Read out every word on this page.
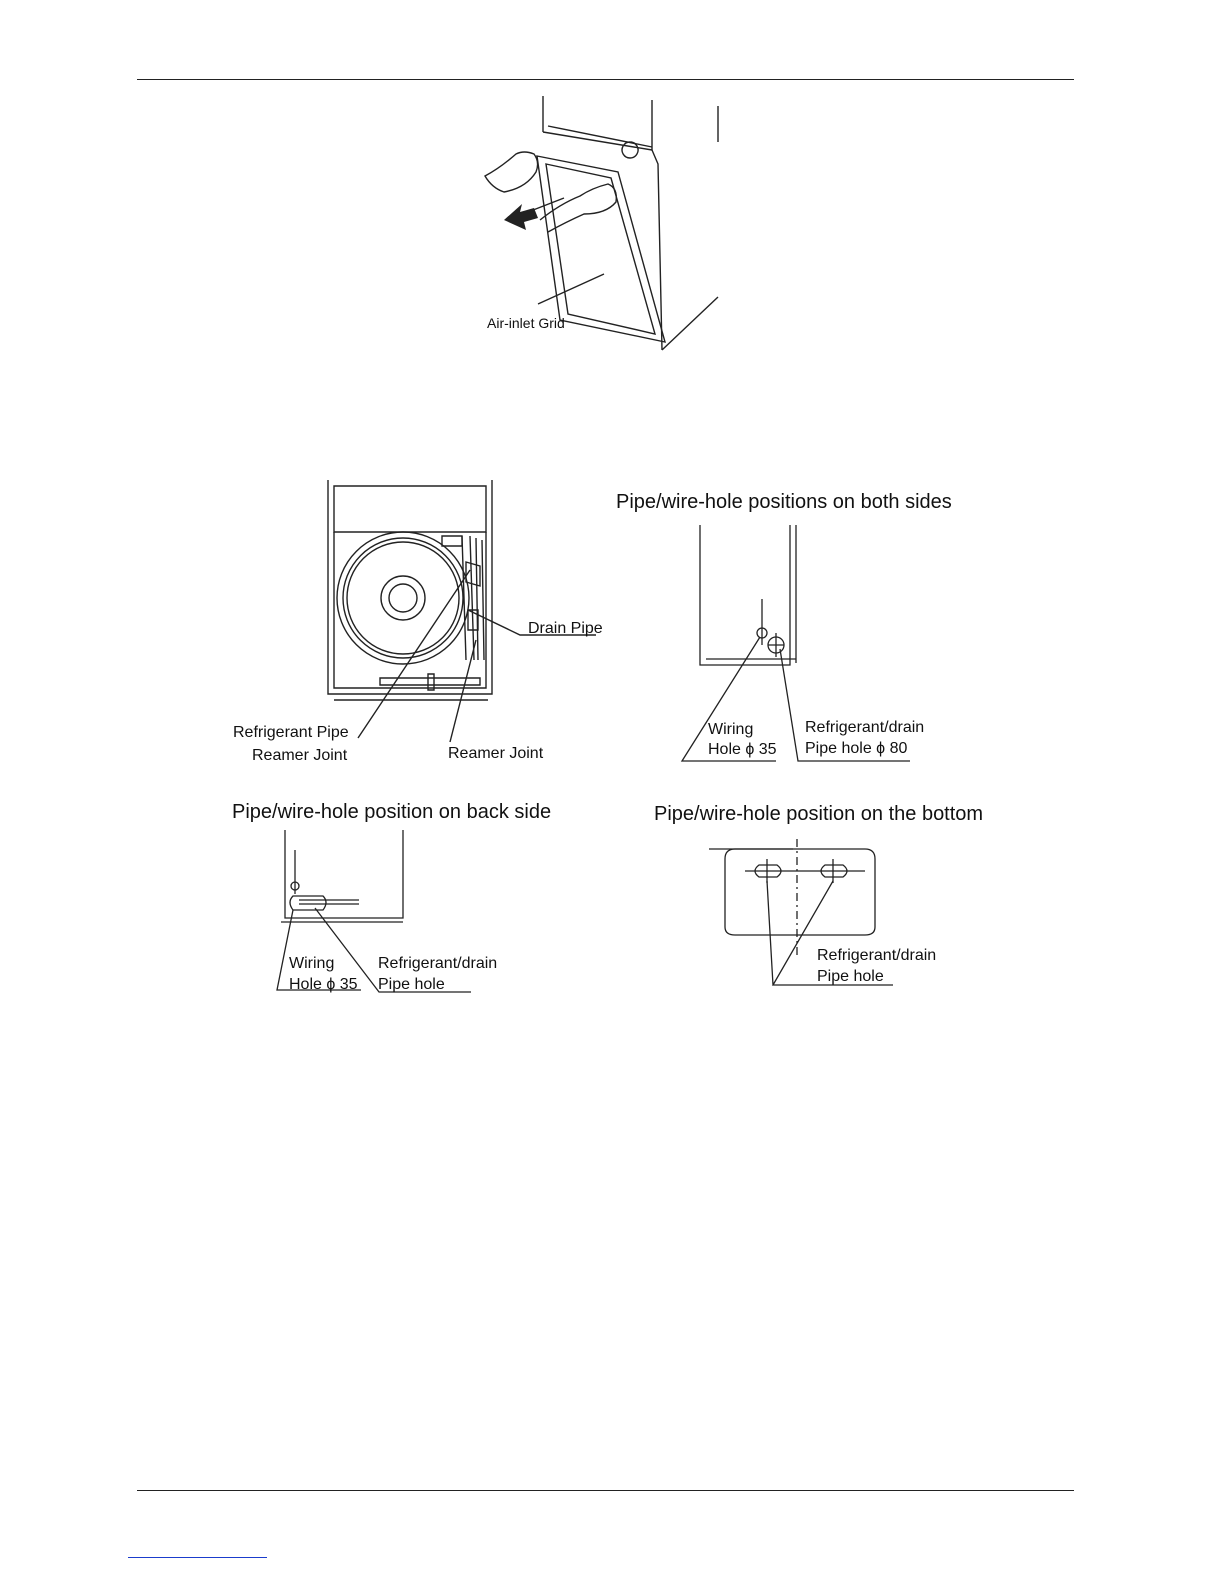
Air-inlet Grid
Drain Pipe
Refrigerant Pipe
Reamer Joint	Reamer Joint
Pipe/wire-hole positions on both sides
Wiring
Hole ϕ 35
Refrigerant/drain
Pipe hole ϕ 80
Pipe/wire-hole position on back side
Wiring
Hole ϕ 35
Refrigerant/drain
Pipe hole
Pipe/wire-hole position on the bottom
Refrigerant/drain
Pipe hole
